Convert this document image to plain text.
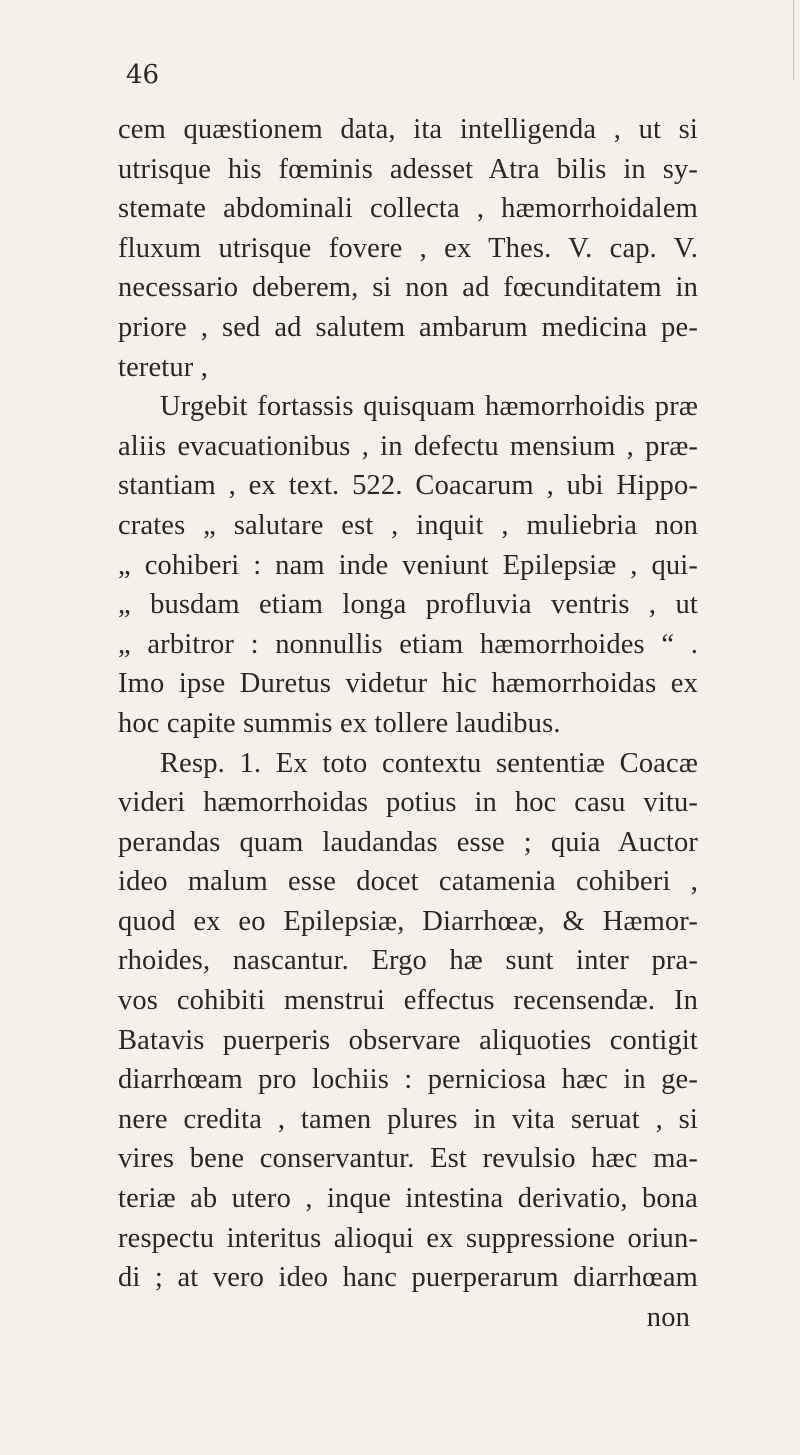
46
cem quæstionem data, ita intelligenda , ut si
utrisque his fœminis adesset Atra bilis in sy-
stemate abdominali collecta , hæmorrhoidalem
fluxum utrisque fovere , ex Thes. V. cap. V.
necessario deberem, si non ad fœcunditatem in
priore , sed ad salutem ambarum medicina pe-
teretur ,
Urgebit fortassis quisquam hæmorrhoidis præ
aliis evacuationibus , in defectu mensium , præ-
stantiam , ex text. 522. Coacarum , ubi Hippo-
crates „ salutare est , inquit , muliebria non
„ cohiberi : nam inde veniunt Epilepsiæ , qui-
„ busdam etiam longa profluvia ventris , ut
„ arbitror : nonnullis etiam hæmorrhoides “ .
Imo ipse Duretus videtur hic hæmorrhoidas ex
hoc capite summis ex tollere laudibus.
Resp. 1. Ex toto contextu sententiæ Coacæ
videri hæmorrhoidas potius in hoc casu vitu-
perandas quam laudandas esse ; quia Auctor
ideo malum esse docet catamenia cohiberi ,
quod ex eo Epilepsiæ, Diarrhœæ, & Hæmor-
rhoides, nascantur. Ergo hæ sunt inter pra-
vos cohibiti menstrui effectus recensendæ. In
Batavis puerperis observare aliquoties contigit
diarrhœam pro lochiis : perniciosa hæc in ge-
nere credita , tamen plures in vita seruat , si
vires bene conservantur. Est revulsio hæc ma-
teriæ ab utero , inque intestina derivatio, bona
respectu interitus alioqui ex suppressione oriun-
di ; at vero ideo hanc puerperarum diarrhœam
non
